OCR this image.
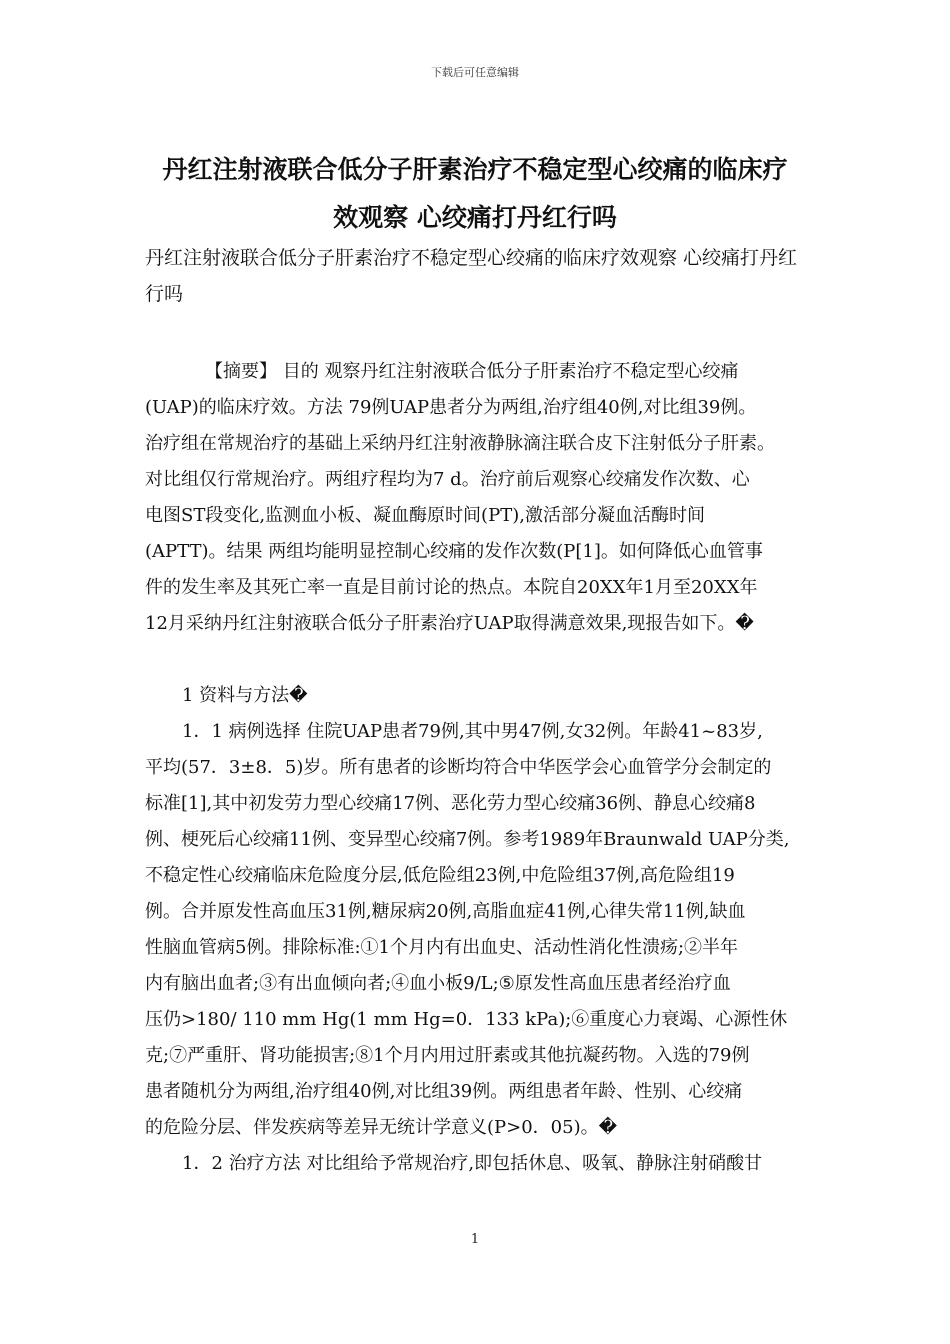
下载后可任意编辑
丹红注射液联合低分子肝素治疗不稳定型心绞痛的临床疗
效观察 心绞痛打丹红行吗
丹红注射液联合低分子肝素治疗不稳定型心绞痛的临床疗效观察 心绞痛打丹红
行吗

【摘要】 目的 观察丹红注射液联合低分子肝素治疗不稳定型心绞痛
(UAP)的临床疗效。方法 79例UAP患者分为两组,治疗组40例,对比组39例。
治疗组在常规治疗的基础上采纳丹红注射液静脉滴注联合皮下注射低分子肝素。
对比组仅行常规治疗。两组疗程均为7 d。治疗前后观察心绞痛发作次数、心
电图ST段变化,监测血小板、凝血酶原时间(PT),激活部分凝血活酶时间
(APTT)。结果 两组均能明显控制心绞痛的发作次数(P[1]。如何降低心血管事
件的发生率及其死亡率一直是目前讨论的热点。本院自20XX年1月至20XX年
12月采纳丹红注射液联合低分子肝素治疗UAP取得满意效果,现报告如下。�

1 资料与方法�

1．1 病例选择 住院UAP患者79例,其中男47例,女32例。年龄41~83岁,
平均(57．3±8．5)岁。所有患者的诊断均符合中华医学会心血管学分会制定的
标准[1],其中初发劳力型心绞痛17例、恶化劳力型心绞痛36例、静息心绞痛8
例、梗死后心绞痛11例、变异型心绞痛7例。参考1989年Braunwald UAP分类,
不稳定性心绞痛临床危险度分层,低危险组23例,中危险组37例,高危险组19
例。合并原发性高血压31例,糖尿病20例,高脂血症41例,心律失常11例,缺血
性脑血管病5例。排除标准:①1个月内有出血史、活动性消化性溃疡;②半年
内有脑出血者;③有出血倾向者;④血小板9/L;⑤原发性高血压患者经治疗血
压仍>180/ 110 mm Hg(1 mm Hg=0．133 kPa);⑥重度心力衰竭、心源性休
克;⑦严重肝、肾功能损害;⑧1个月内用过肝素或其他抗凝药物。入选的79例
患者随机分为两组,治疗组40例,对比组39例。两组患者年龄、性别、心绞痛
的危险分层、伴发疾病等差异无统计学意义(P>0．05)。�

1．2 治疗方法 对比组给予常规治疗,即包括休息、吸氧、静脉注射硝酸甘

1
